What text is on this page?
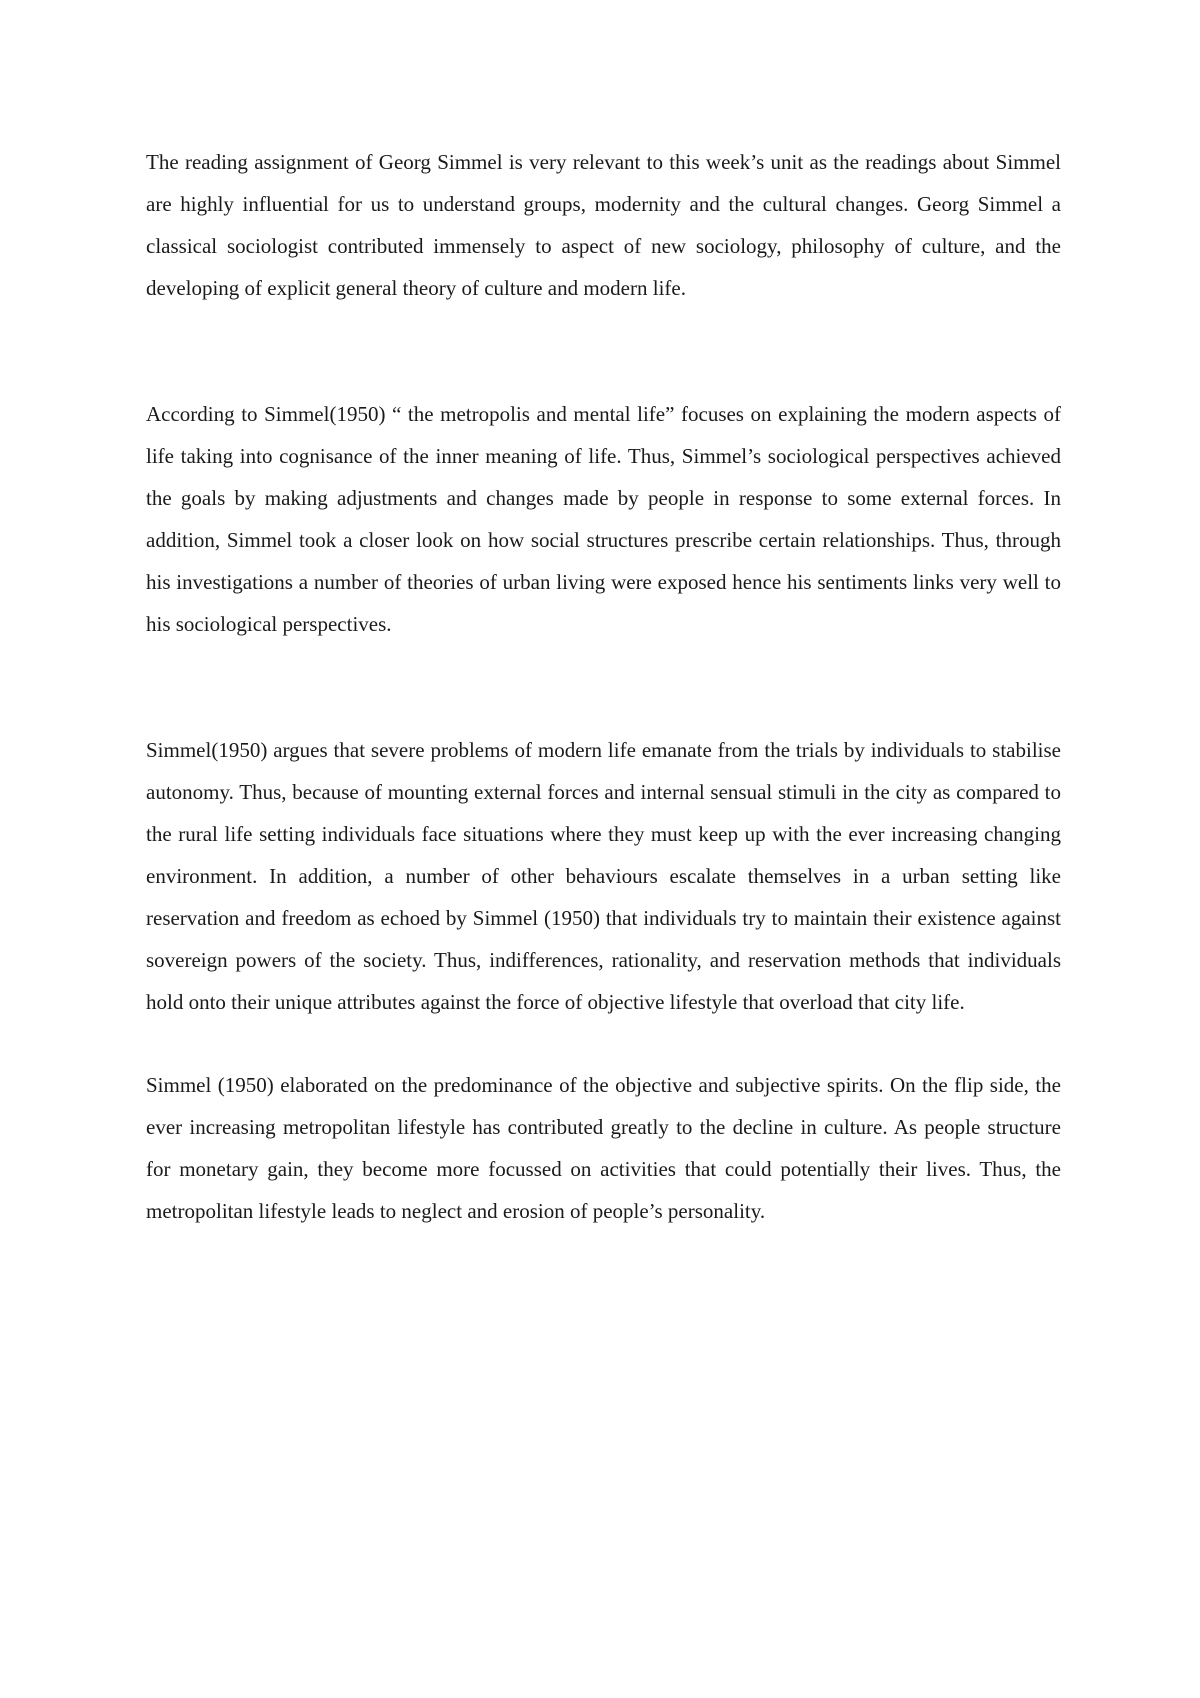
The reading assignment of Georg Simmel is very relevant to this week’s unit as the readings about Simmel are highly influential for us to understand groups, modernity and the cultural changes. Georg Simmel a classical sociologist contributed immensely to aspect of new sociology, philosophy of culture, and the developing of explicit general theory of culture and modern life.

According to Simmel(1950) “ the metropolis and mental life” focuses on explaining the modern aspects of life taking into cognisance of the inner meaning of life. Thus, Simmel’s sociological perspectives achieved the goals by making adjustments and changes made by people in response to some external forces. In addition, Simmel took a closer look on how social structures prescribe certain relationships. Thus, through his investigations a number of theories of urban living were exposed hence his sentiments links very well to his sociological perspectives.

Simmel(1950) argues that severe problems of modern life emanate from the trials by individuals to stabilise autonomy. Thus, because of mounting external forces and internal sensual stimuli in the city as compared to the rural life setting individuals face situations where they must keep up with the ever increasing changing environment. In addition, a number of other behaviours escalate themselves in a urban setting like reservation and freedom as echoed by Simmel (1950) that individuals try to maintain their existence against sovereign powers of the society. Thus, indifferences, rationality, and reservation methods that individuals hold onto their unique attributes against the force of objective lifestyle that overload that city life.

Simmel (1950) elaborated on the predominance of the objective and subjective spirits. On the flip side, the ever increasing metropolitan lifestyle has contributed greatly to the decline in culture. As people structure for monetary gain, they become more focussed on activities that could potentially their lives. Thus, the metropolitan lifestyle leads to neglect and erosion of people’s personality.
